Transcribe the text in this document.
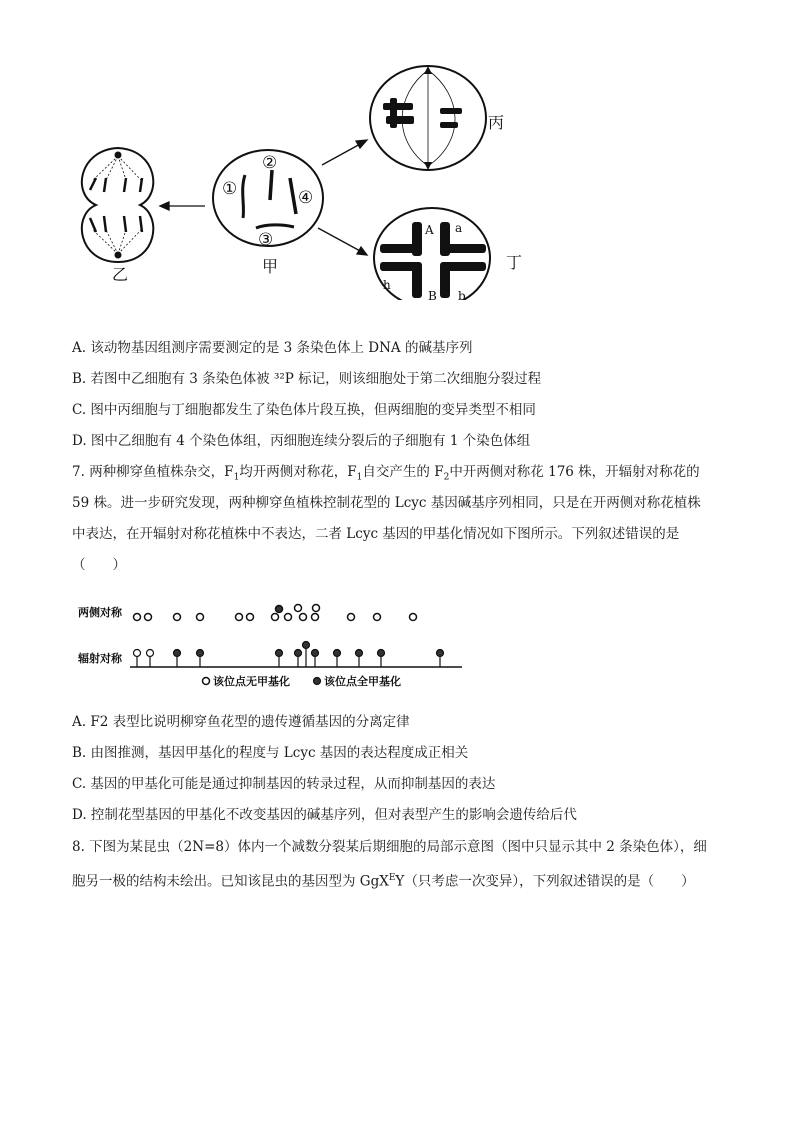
乙	甲
丙
丁
①
②
③
④
A a
H
h
B b
A. 该动物基因组测序需要测定的是 3 条染色体上 DNA 的碱基序列
B. 若图中乙细胞有 3 条染色体被 ³²P 标记，则该细胞处于第二次细胞分裂过程
C. 图中丙细胞与丁细胞都发生了染色体片段互换，但两细胞的变异类型不相同
D. 图中乙细胞有 4 个染色体组，丙细胞连续分裂后的子细胞有 1 个染色体组
7. 两种柳穿鱼植株杂交，$F_1$均开两侧对称花，$F_1$自交产生的 $F_2$中开两侧对称花 176 株，开辐射对称花的
59 株。进一步研究发现，两种柳穿鱼植株控制花型的 Lcyc 基因碱基序列相同，只是在开两侧对称花植株
中表达，在开辐射对称花植株中不表达，二者 Lcyc 基因的甲基化情况如下图所示。下列叙述错误的是
（　　）
两侧对称
辐射对称
该位点无甲基化	该位点全甲基化
A. F2 表型比说明柳穿鱼花型的遗传遵循基因的分离定律
B. 由图推测，基因甲基化的程度与 Lcyc 基因的表达程度成正相关
C. 基因的甲基化可能是通过抑制基因的转录过程，从而抑制基因的表达
D. 控制花型基因的甲基化不改变基因的碱基序列，但对表型产生的影响会遗传给后代
8. 下图为某昆虫（2N=8）体内一个减数分裂某后期细胞的局部示意图（图中只显示其中 2 条染色体），细
胞另一极的结构未绘出。已知该昆虫的基因型为 GgX$^E$Y（只考虑一次变异），下列叙述错误的是（　　）
